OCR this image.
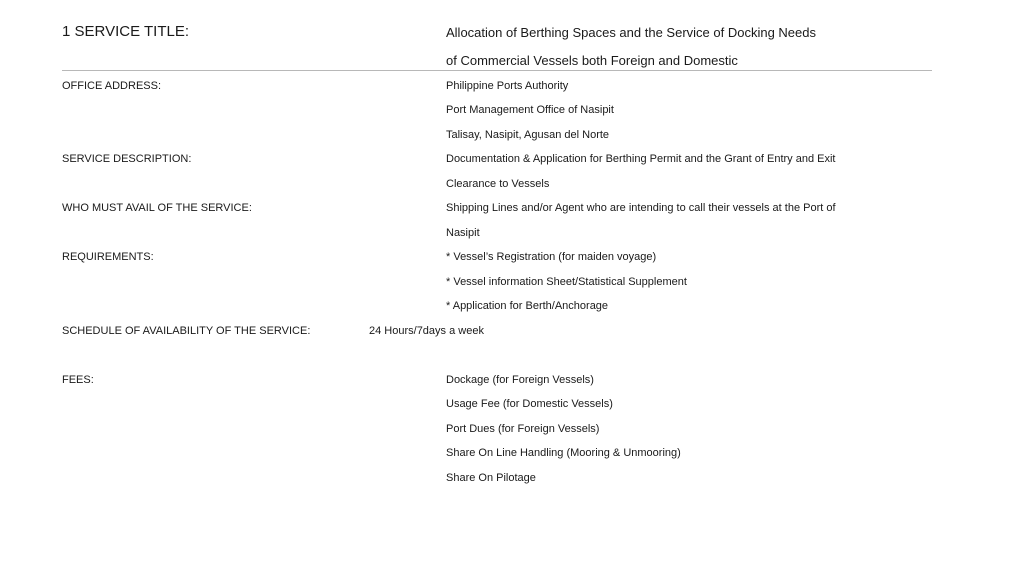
1 SERVICE TITLE:	Allocation of Berthing Spaces and the Service of Docking Needs
of Commercial Vessels both Foreign and Domestic
OFFICE ADDRESS:	Philippine Ports Authority
Port Management Office of Nasipit
Talisay, Nasipit, Agusan del Norte
SERVICE DESCRIPTION:	Documentation & Application for Berthing Permit and the Grant of Entry and Exit
Clearance to Vessels
WHO MUST AVAIL OF THE SERVICE:	Shipping Lines and/or Agent who are intending to call their vessels at the Port of
Nasipit
REQUIREMENTS:	* Vessel’s Registration (for maiden voyage)
* Vessel information Sheet/Statistical Supplement
* Application for Berth/Anchorage
SCHEDULE OF AVAILABILITY OF THE SERVICE:	24 Hours/7days a week
FEES:	Dockage (for Foreign Vessels)
Usage Fee (for Domestic Vessels)
Port Dues (for Foreign Vessels)
Share On Line Handling (Mooring & Unmooring)
Share On Pilotage
